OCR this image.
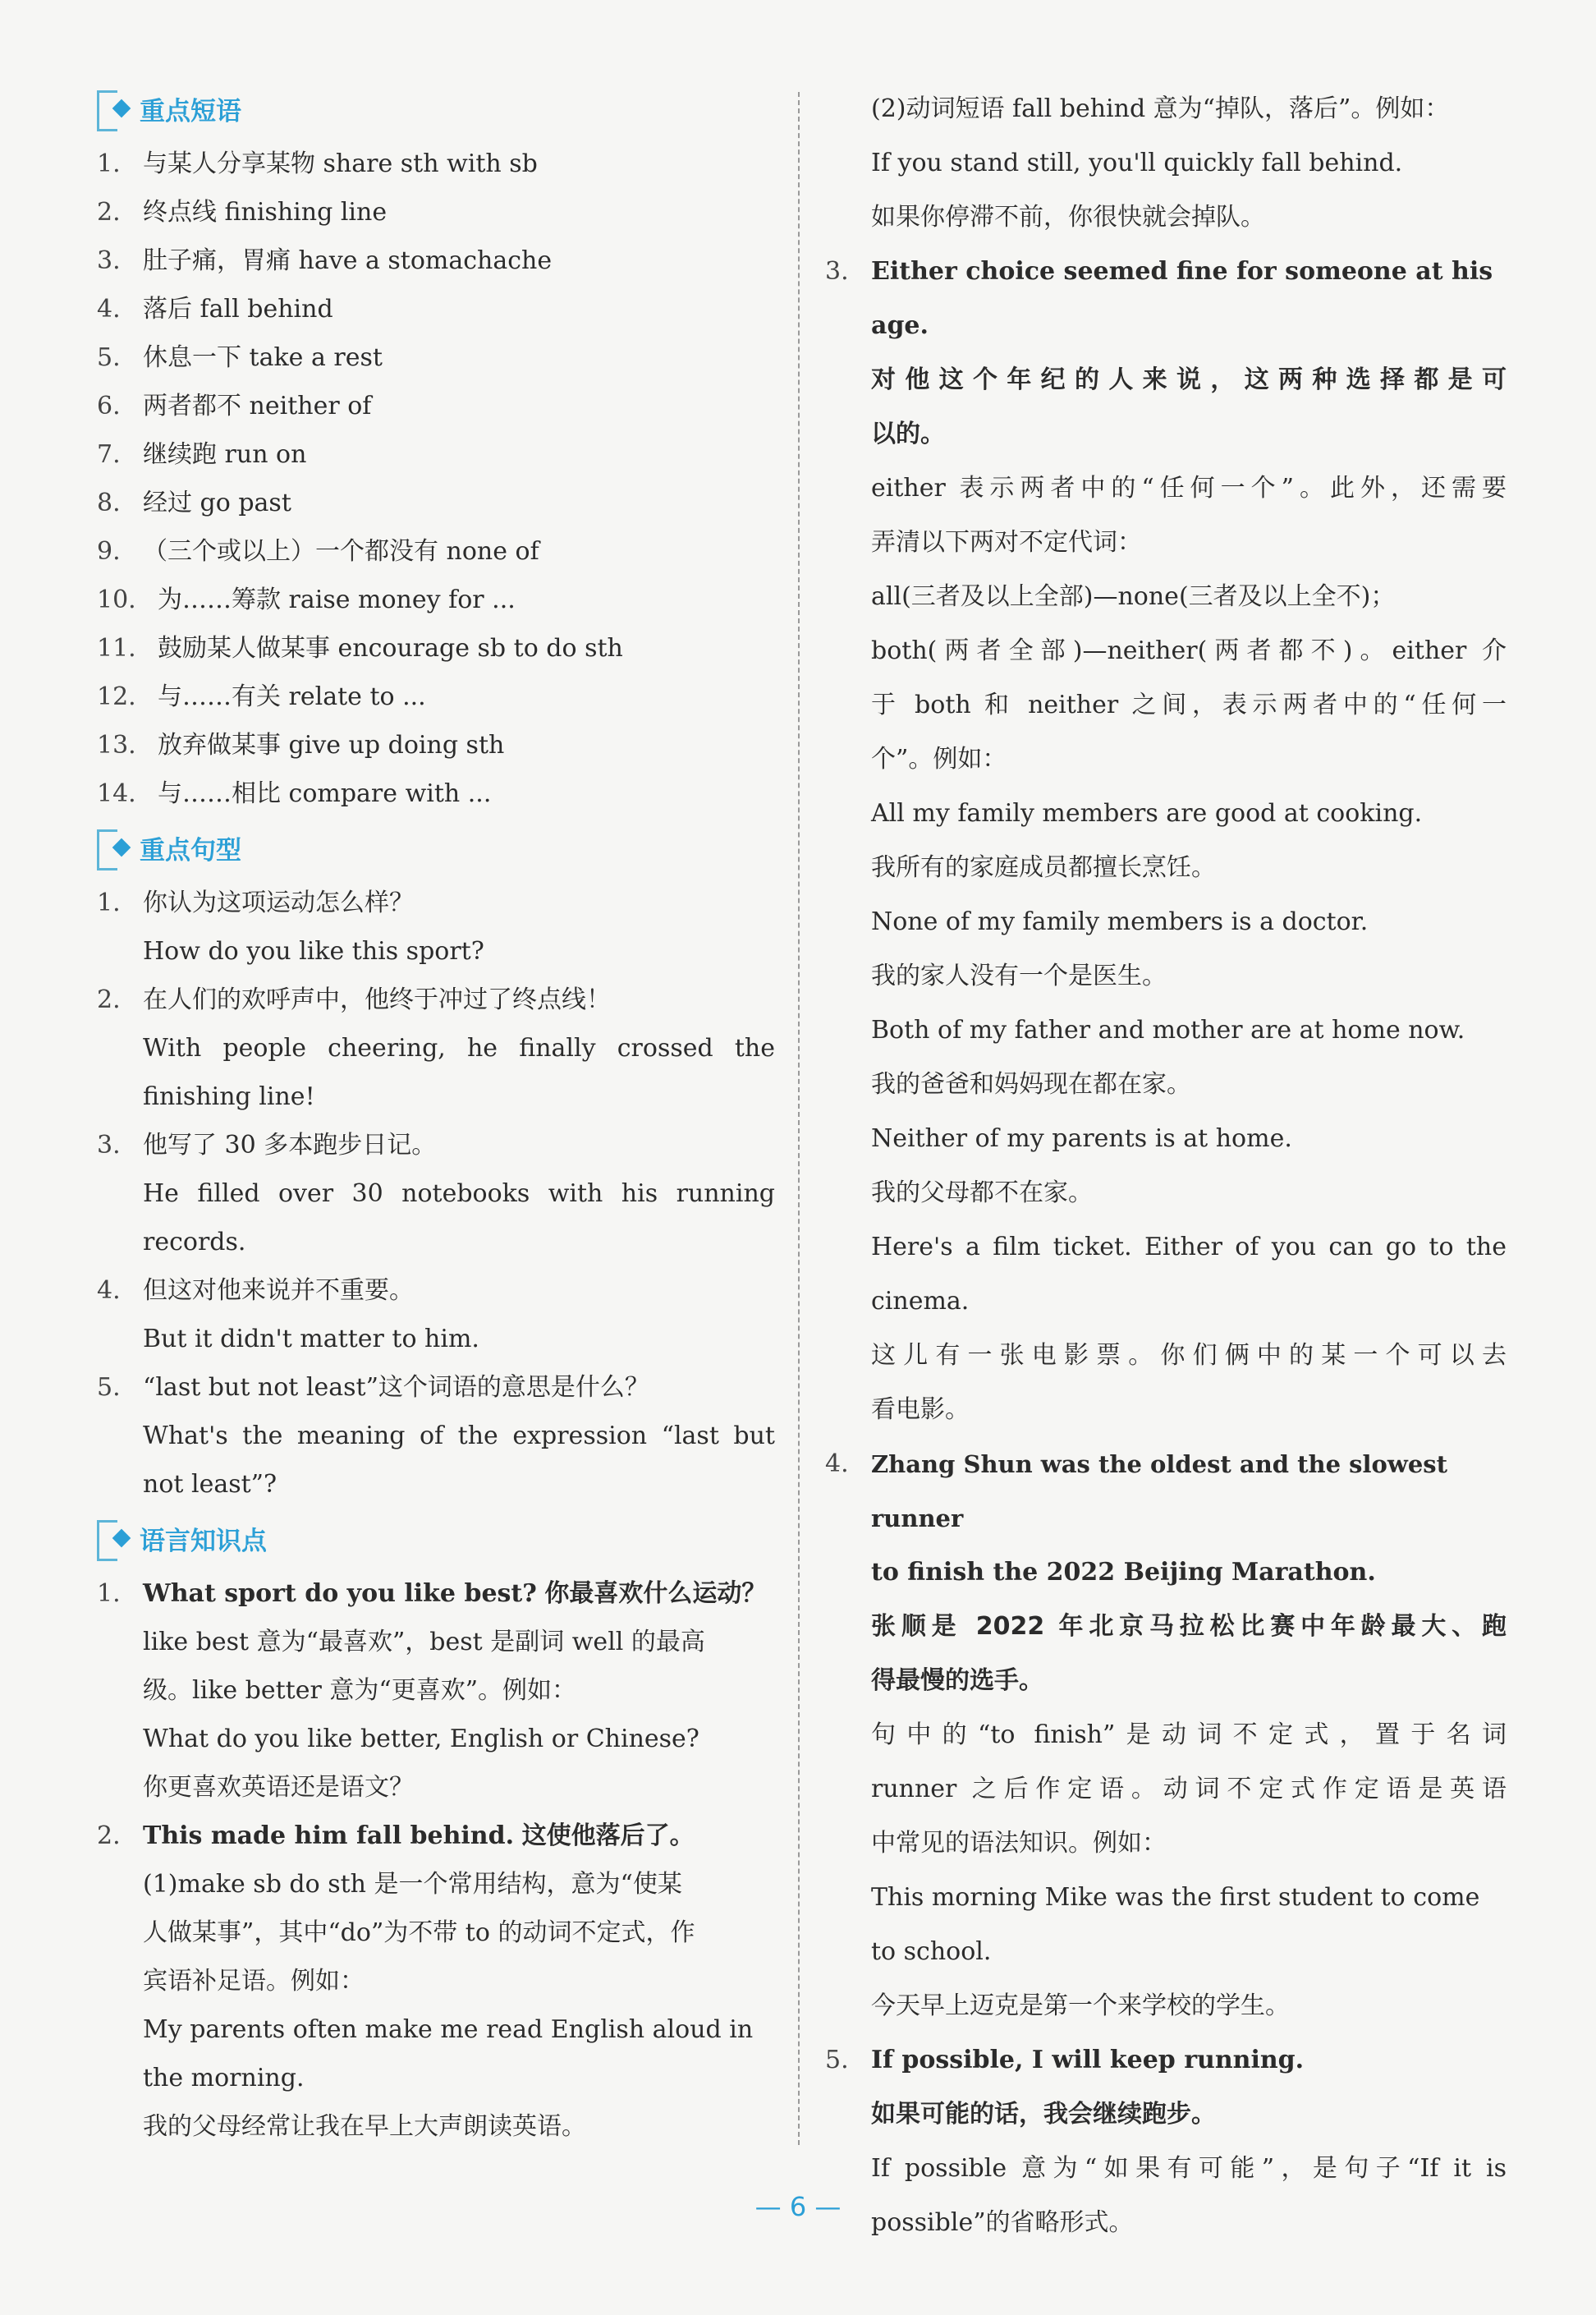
重点短语
1. 与某人分享某物 share sth with sb
2. 终点线 finishing line
3. 肚子痛，胃痛 have a stomachache
4. 落后 fall behind
5. 休息一下 take a rest
6. 两者都不 neither of
7. 继续跑 run on
8. 经过 go past
9. （三个或以上）一个都没有 none of
10. 为……筹款 raise money for ...
11. 鼓励某人做某事 encourage sb to do sth
12. 与……有关 relate to ...
13. 放弃做某事 give up doing sth
14. 与……相比 compare with ...
重点句型
1. 你认为这项运动怎么样？
How do you like this sport?
2. 在人们的欢呼声中，他终于冲过了终点线！
With people cheering, he finally crossed the
finishing line!
3. 他写了 30 多本跑步日记。
He filled over 30 notebooks with his running
records.
4. 但这对他来说并不重要。
But it didn't matter to him.
5. “last but not least”这个词语的意思是什么？
What's the meaning of the expression “last but
not least”?
语言知识点
1. What sport do you like best? 你最喜欢什么运动？
like best 意为“最喜欢”，best 是副词 well 的最高
级。like better 意为“更喜欢”。例如：
What do you like better, English or Chinese?
你更喜欢英语还是语文？
2. This made him fall behind. 这使他落后了。
(1)make sb do sth 是一个常用结构，意为“使某
人做某事”，其中“do”为不带 to 的动词不定式，作
宾语补足语。例如：
My parents often make me read English aloud in
the morning.
我的父母经常让我在早上大声朗读英语。
(2)动词短语 fall behind 意为“掉队，落后”。例如：
If you stand still, you'll quickly fall behind.
如果你停滞不前，你很快就会掉队。
3. Either choice seemed fine for someone at his age.
对他这个年纪的人来说，这两种选择都是可
以的。
either 表示两者中的“任何一个”。此外，还需要
弄清以下两对不定代词：
all(三者及以上全部)—none(三者及以上全不)；
both(两者全部)—neither(两者都不)。either 介
于 both 和 neither 之间，表示两者中的“任何一
个”。例如：
All my family members are good at cooking.
我所有的家庭成员都擅长烹饪。
None of my family members is a doctor.
我的家人没有一个是医生。
Both of my father and mother are at home now.
我的爸爸和妈妈现在都在家。
Neither of my parents is at home.
我的父母都不在家。
Here's a film ticket. Either of you can go to the
cinema.
这儿有一张电影票。你们俩中的某一个可以去
看电影。
4. Zhang Shun was the oldest and the slowest runner
to finish the 2022 Beijing Marathon.
张顺是 2022 年北京马拉松比赛中年龄最大、跑
得最慢的选手。
句中的“to finish”是动词不定式，置于名词
runner 之后作定语。动词不定式作定语是英语
中常见的语法知识。例如：
This morning Mike was the first student to come
to school.
今天早上迈克是第一个来学校的学生。
5. If possible, I will keep running.
如果可能的话，我会继续跑步。
If possible 意为“如果有可能”，是句子“If it is
possible”的省略形式。
— 6 —
